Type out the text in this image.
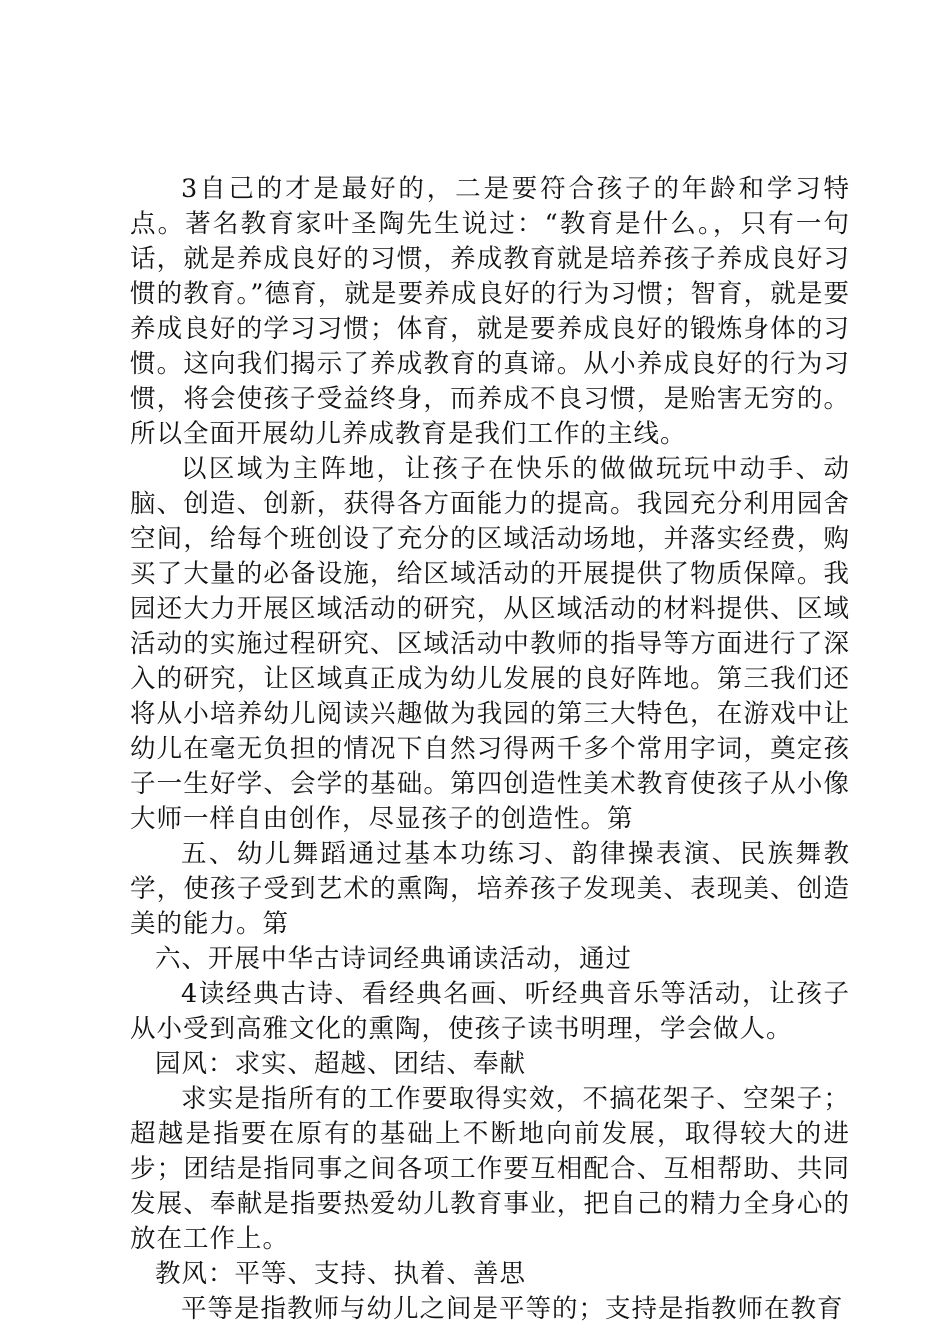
3自己的才是最好的，二是要符合孩子的年龄和学习特点。著名教育家叶圣陶先生说过：“教育是什么。，只有一句话，就是养成良好的习惯，养成教育就是培养孩子养成良好习惯的教育。”德育，就是要养成良好的行为习惯；智育，就是要养成良好的学习习惯；体育，就是要养成良好的锻炼身体的习惯。这向我们揭示了养成教育的真谛。从小养成良好的行为习惯，将会使孩子受益终身，而养成不良习惯，是贻害无穷的。所以全面开展幼儿养成教育是我们工作的主线。

以区域为主阵地，让孩子在快乐的做做玩玩中动手、动脑、创造、创新，获得各方面能力的提高。我园充分利用园舍空间，给每个班创设了充分的区域活动场地，并落实经费，购买了大量的必备设施，给区域活动的开展提供了物质保障。我园还大力开展区域活动的研究，从区域活动的材料提供、区域活动的实施过程研究、区域活动中教师的指导等方面进行了深入的研究，让区域真正成为幼儿发展的良好阵地。第三我们还将从小培养幼儿阅读兴趣做为我园的第三大特色，在游戏中让幼儿在毫无负担的情况下自然习得两千多个常用字词，奠定孩子一生好学、会学的基础。第四创造性美术教育使孩子从小像大师一样自由创作，尽显孩子的创造性。第

五、幼儿舞蹈通过基本功练习、韵律操表演、民族舞教学，使孩子受到艺术的熏陶，培养孩子发现美、表现美、创造美的能力。第

六、开展中华古诗词经典诵读活动，通过

4读经典古诗、看经典名画、听经典音乐等活动，让孩子从小受到高雅文化的熏陶，使孩子读书明理，学会做人。

园风：求实、超越、团结、奉献

求实是指所有的工作要取得实效，不搞花架子、空架子；超越是指要在原有的基础上不断地向前发展，取得较大的进步；团结是指同事之间各项工作要互相配合、互相帮助、共同发展、奉献是指要热爱幼儿教育事业，把自己的精力全身心的放在工作上。

教风：平等、支持、执着、善思

平等是指教师与幼儿之间是平等的；支持是指教师在教育
